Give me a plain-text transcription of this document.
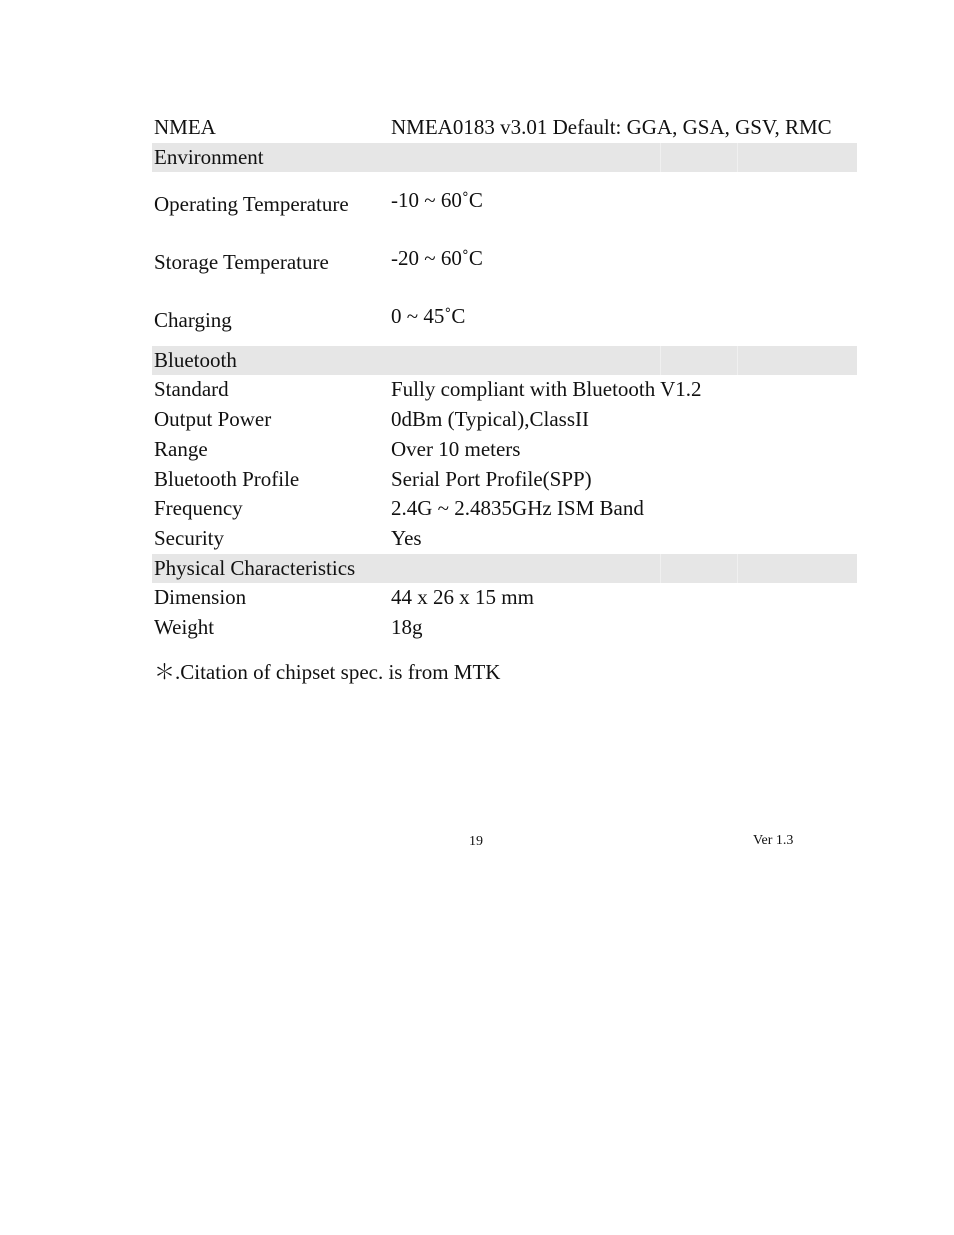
NMEA	NMEA0183 v3.01 Default: GGA, GSA, GSV, RMC
Environment
Operating Temperature	-10 ~ 60˚C
Storage Temperature	-20 ~ 60˚C
Charging	0 ~ 45˚C
Bluetooth
Standard	Fully compliant with Bluetooth V1.2
Output Power	0dBm (Typical),ClassII
Range	Over 10 meters
Bluetooth Profile	Serial Port Profile(SPP)
Frequency	2.4G ~ 2.4835GHz ISM Band
Security	Yes
Physical Characteristics
Dimension	44 x 26 x 15 mm
Weight	18g
＊.Citation of chipset spec. is from MTK
19	Ver 1.3
